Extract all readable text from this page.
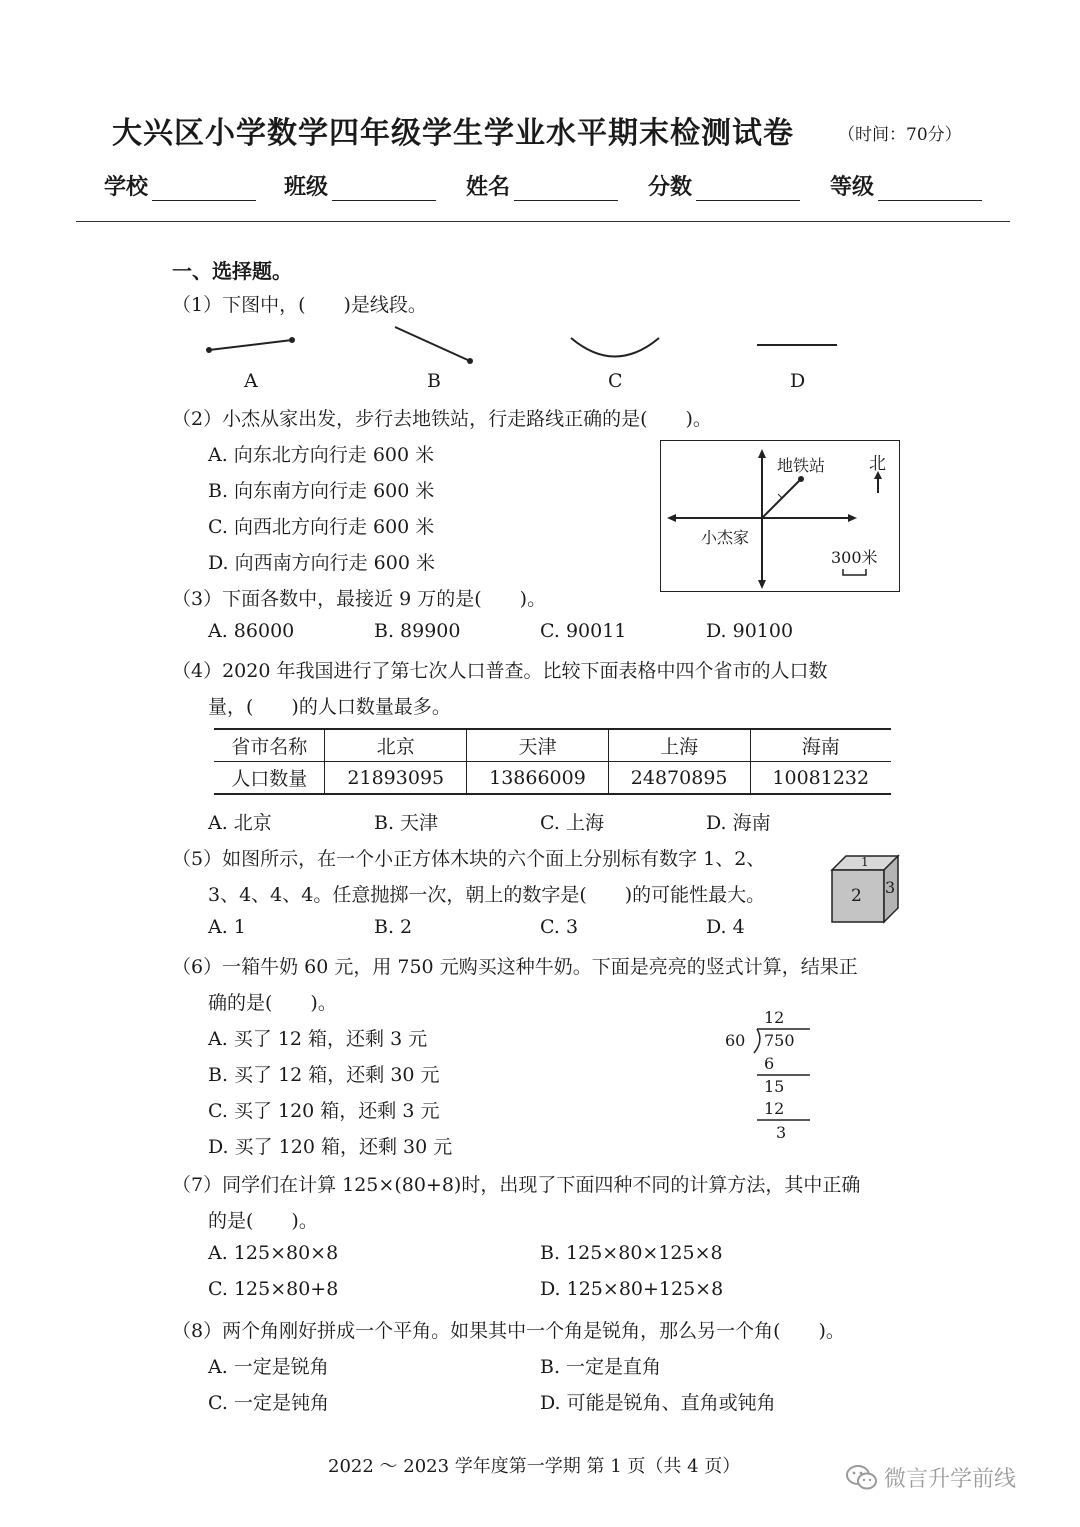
大兴区小学数学四年级学生学业水平期末检测试卷	（时间：70分）
学校	班级	姓名	分数	等级
一、选择题。
（1）下图中，(　　)是线段。
A	B	C	D
（2）小杰从家出发，步行去地铁站，行走路线正确的是(　　)。
A. 向东北方向行走 600 米
B. 向东南方向行走 600 米
C. 向西北方向行走 600 米
D. 向西南方向行走 600 米
地铁站	北
小杰家
300米
（3）下面各数中，最接近 9 万的是(　　)。
A. 86000	B. 89900	C. 90011	D. 90100
（4）2020 年我国进行了第七次人口普查。比较下面表格中四个省市的人口数
量，(　　)的人口数量最多。
省市名称	北京	天津	上海	海南
人口数量	21893095	13866009	24870895	10081232
A. 北京	B. 天津	C. 上海	D. 海南
（5）如图所示，在一个小正方体木块的六个面上分别标有数字 1、2、
3、4、4、4。任意抛掷一次，朝上的数字是(　　)的可能性最大。
1
2 3
A. 1	B. 2	C. 3	D. 4
（6）一箱牛奶 60 元，用 750 元购买这种牛奶。下面是亮亮的竖式计算，结果正
确的是(　　)。
A. 买了 12 箱，还剩 3 元
B. 买了 12 箱，还剩 30 元
C. 买了 120 箱，还剩 3 元
D. 买了 120 箱，还剩 30 元
12
60 750
6
15
12
3
（7）同学们在计算 125×(80+8)时，出现了下面四种不同的计算方法，其中正确
的是(　　)。
A. 125×80×8	B. 125×80×125×8
C. 125×80+8	D. 125×80+125×8
（8）两个角刚好拼成一个平角。如果其中一个角是锐角，那么另一个角(　　)。
A. 一定是锐角	B. 一定是直角
C. 一定是钝角	D. 可能是锐角、直角或钝角
2022 ～ 2023 学年度第一学期 第 1 页（共 4 页）
微言升学前线
